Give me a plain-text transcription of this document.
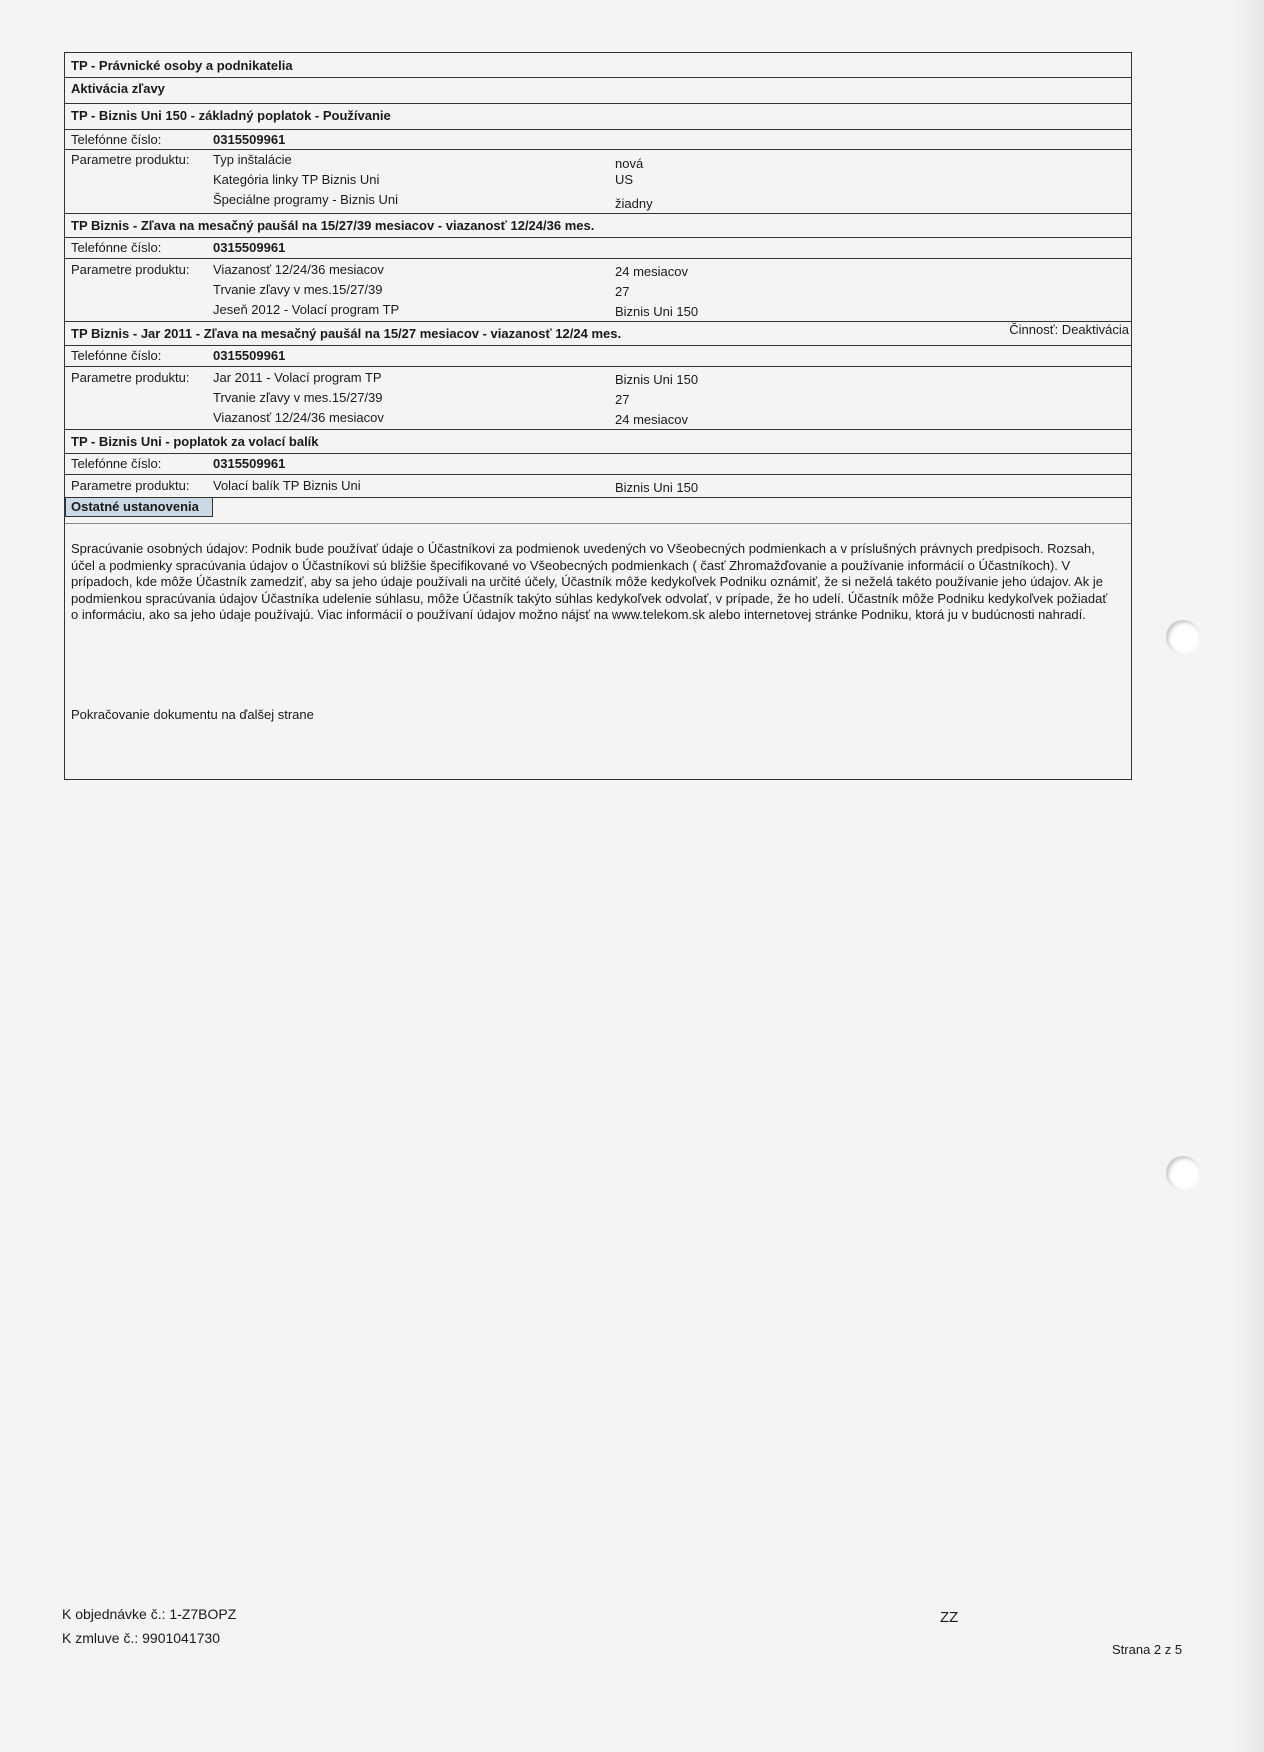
TP - Právnické osoby a podnikatelia
Aktivácia zľavy
TP - Biznis Uni 150 - základný poplatok - Používanie
Telefónne číslo:	0315509961
Parametre produktu: Typ inštalácie	nová
Kategória linky TP Biznis Uni	US
Špeciálne programy - Biznis Uni	žiadny
TP Biznis - Zľava na mesačný paušál na 15/27/39 mesiacov - viazanosť 12/24/36 mes.
Telefónne číslo:	0315509961
Parametre produktu: Viazanosť 12/24/36 mesiacov	24 mesiacov
Trvanie zľavy v mes.15/27/39	27
Jeseň 2012 - Volací program TP	Biznis Uni 150
TP Biznis - Jar 2011 - Zľava na mesačný paušál na 15/27 mesiacov - viazanosť 12/24 mes.	Činnosť: Deaktivácia
Telefónne číslo:	0315509961
Parametre produktu: Jar 2011 - Volací program TP	Biznis Uni 150
Trvanie zľavy v mes.15/27/39	27
Viazanosť 12/24/36 mesiacov	24 mesiacov
TP - Biznis Uni - poplatok za volací balík
Telefónne číslo:	0315509961
Parametre produktu: Volací balík TP Biznis Uni	Biznis Uni 150
Ostatné ustanovenia
Spracúvanie osobných údajov: Podnik bude používať údaje o Účastníkovi za podmienok uvedených vo Všeobecných podmienkach a v príslušných právnych predpisoch. Rozsah, účel a podmienky spracúvania údajov o Účastníkovi sú bližšie špecifikované vo Všeobecných podmienkach ( časť Zhromažďovanie a používanie informácií o Účastníkoch). V prípadoch, kde môže Účastník zamedziť, aby sa jeho údaje používali na určité účely, Účastník môže kedykoľvek Podniku oznámiť, že si neželá takéto používanie jeho údajov. Ak je podmienkou spracúvania údajov Účastníka udelenie súhlasu, môže Účastník takýto súhlas kedykoľvek odvolať, v prípade, že ho udelí. Účastník môže Podniku kedykoľvek požiadať o informáciu, ako sa jeho údaje používajú. Viac informácií o používaní údajov možno nájsť na www.telekom.sk alebo internetovej stránke Podniku, ktorá ju v budúcnosti nahradí.
Pokračovanie dokumentu na ďalšej strane
K objednávke č.: 1-Z7BOPZ
K zmluve č.: 9901041730
ZZ
Strana 2 z 5
